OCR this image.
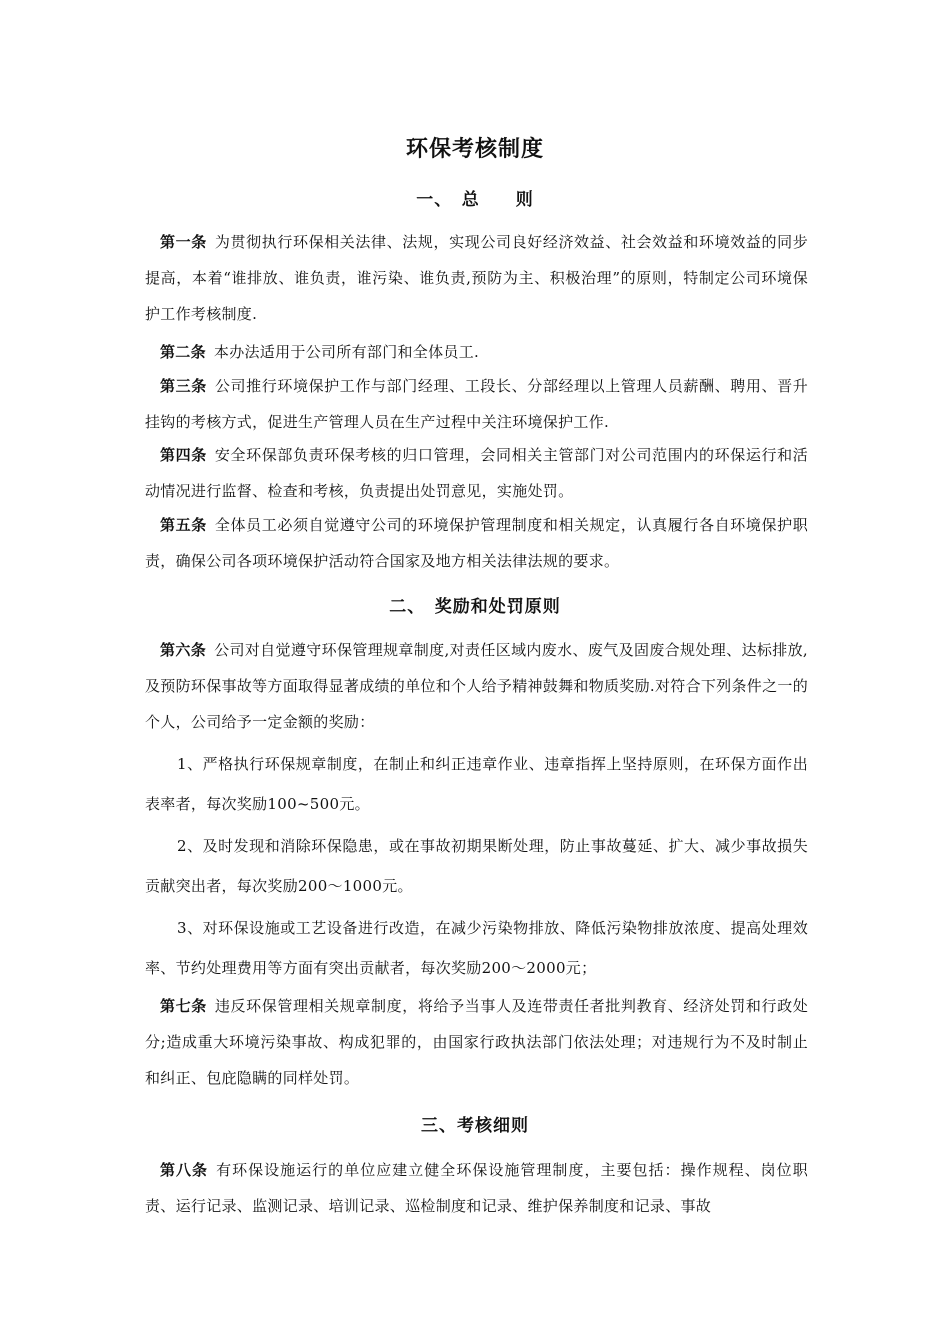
环保考核制度
一、　总　　则
第一条 为贯彻执行环保相关法律、法规，实现公司良好经济效益、社会效益和环境效益的同步提高，本着“谁排放、谁负责，谁污染、谁负责,预防为主、积极治理”的原则，特制定公司环境保护工作考核制度.
第二条 本办法适用于公司所有部门和全体员工.
第三条 公司推行环境保护工作与部门经理、工段长、分部经理以上管理人员薪酬、聘用、晋升挂钩的考核方式，促进生产管理人员在生产过程中关注环境保护工作.
第四条 安全环保部负责环保考核的归口管理，会同相关主管部门对公司范围内的环保运行和活动情况进行监督、检查和考核，负责提出处罚意见，实施处罚。
第五条 全体员工必须自觉遵守公司的环境保护管理制度和相关规定，认真履行各自环境保护职责，确保公司各项环境保护活动符合国家及地方相关法律法规的要求。
二、　奖励和处罚原则
第六条 公司对自觉遵守环保管理规章制度,对责任区域内废水、废气及固废合规处理、达标排放,及预防环保事故等方面取得显著成绩的单位和个人给予精神鼓舞和物质奖励.对符合下列条件之一的个人，公司给予一定金额的奖励：
1、严格执行环保规章制度，在制止和纠正违章作业、违章指挥上坚持原则，在环保方面作出表率者，每次奖励100~500元。
2、及时发现和消除环保隐患，或在事故初期果断处理，防止事故蔓延、扩大、减少事故损失贡献突出者，每次奖励200～1000元。
3、对环保设施或工艺设备进行改造，在减少污染物排放、降低污染物排放浓度、提高处理效率、节约处理费用等方面有突出贡献者，每次奖励200～2000元；
第七条 违反环保管理相关规章制度，将给予当事人及连带责任者批判教育、经济处罚和行政处分;造成重大环境污染事故、构成犯罪的，由国家行政执法部门依法处理；对违规行为不及时制止和纠正、包庇隐瞒的同样处罚。
三、考核细则
第八条 有环保设施运行的单位应建立健全环保设施管理制度，主要包括：操作规程、岗位职责、运行记录、监测记录、培训记录、巡检制度和记录、维护保养制度和记录、事故
